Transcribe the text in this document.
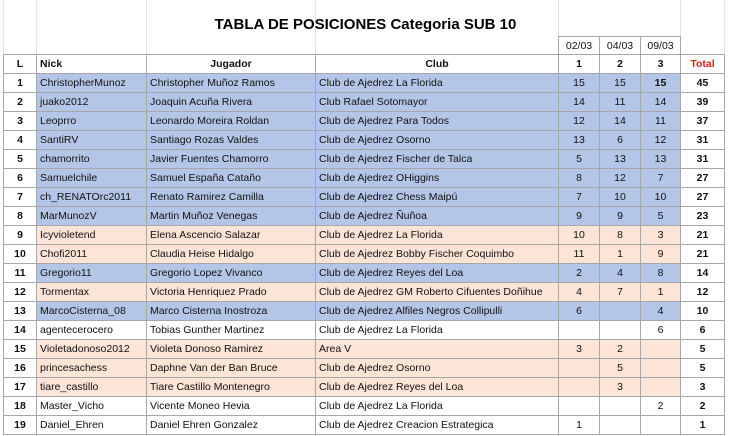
TABLA DE POSICIONES Categoria SUB 10
				02/03	04/03	09/03	
L	Nick	Jugador	Club	1	2	3	Total
1	ChristopherMunoz	Christopher Muñoz Ramos	Club de Ajedrez La Florida	15	15	15	45
2	juako2012	Joaquin Acuña Rivera	Club Rafael Sotomayor	14	11	14	39
3	Leoprro	Leonardo Moreira Roldan	Club de Ajedrez Para Todos	12	14	11	37
4	SantiRV	Santiago Rozas Valdes	Club de Ajedrez Osorno	13	6	12	31
5	chamorrito	Javier Fuentes Chamorro	Club de Ajedrez Fischer de Talca	5	13	13	31
6	Samuelchile	Samuel España Cataño	Club de Ajedrez OHiggins	8	12	7	27
7	ch_RENATOrc2011	Renato Ramirez Camilla	Club de Ajedrez Chess Maipú	7	10	10	27
8	MarMunozV	Martin Muñoz Venegas	Club de Ajedrez Ñuñoa	9	9	5	23
9	Icyvioletend	Elena Ascencio Salazar	Club de Ajedrez La Florida	10	8	3	21
10	Chofi2011	Claudia Heise Hidalgo	Club de Ajedrez Bobby Fischer Coquimbo	11	1	9	21
11	Gregorio11	Gregorio Lopez Vivanco	Club de Ajedrez Reyes del Loa	2	4	8	14
12	Tormentax	Victoria Henriquez Prado	Club de Ajedrez GM Roberto Cifuentes Doñihue	4	7	1	12
13	MarcoCisterna_08	Marco Cisterna Inostroza	Club de Ajedrez Alfiles Negros Collipulli	6		4	10
14	agentecerocero	Tobias Gunther Martinez	Club de Ajedrez La Florida			6	6
15	Violetadonoso2012	Violeta Donoso Ramirez	Area V	3	2		5
16	princesachess	Daphne Van der Ban Bruce	Club de Ajedrez Osorno		5		5
17	tiare_castillo	Tiare Castillo Montenegro	Club de Ajedrez Reyes del Loa		3		3
18	Master_Vicho	Vicente Moneo Hevia	Club de Ajedrez La Florida			2	2
19	Daniel_Ehren	Daniel Ehren Gonzalez	Club de Ajedrez Creacion Estrategica	1			1
